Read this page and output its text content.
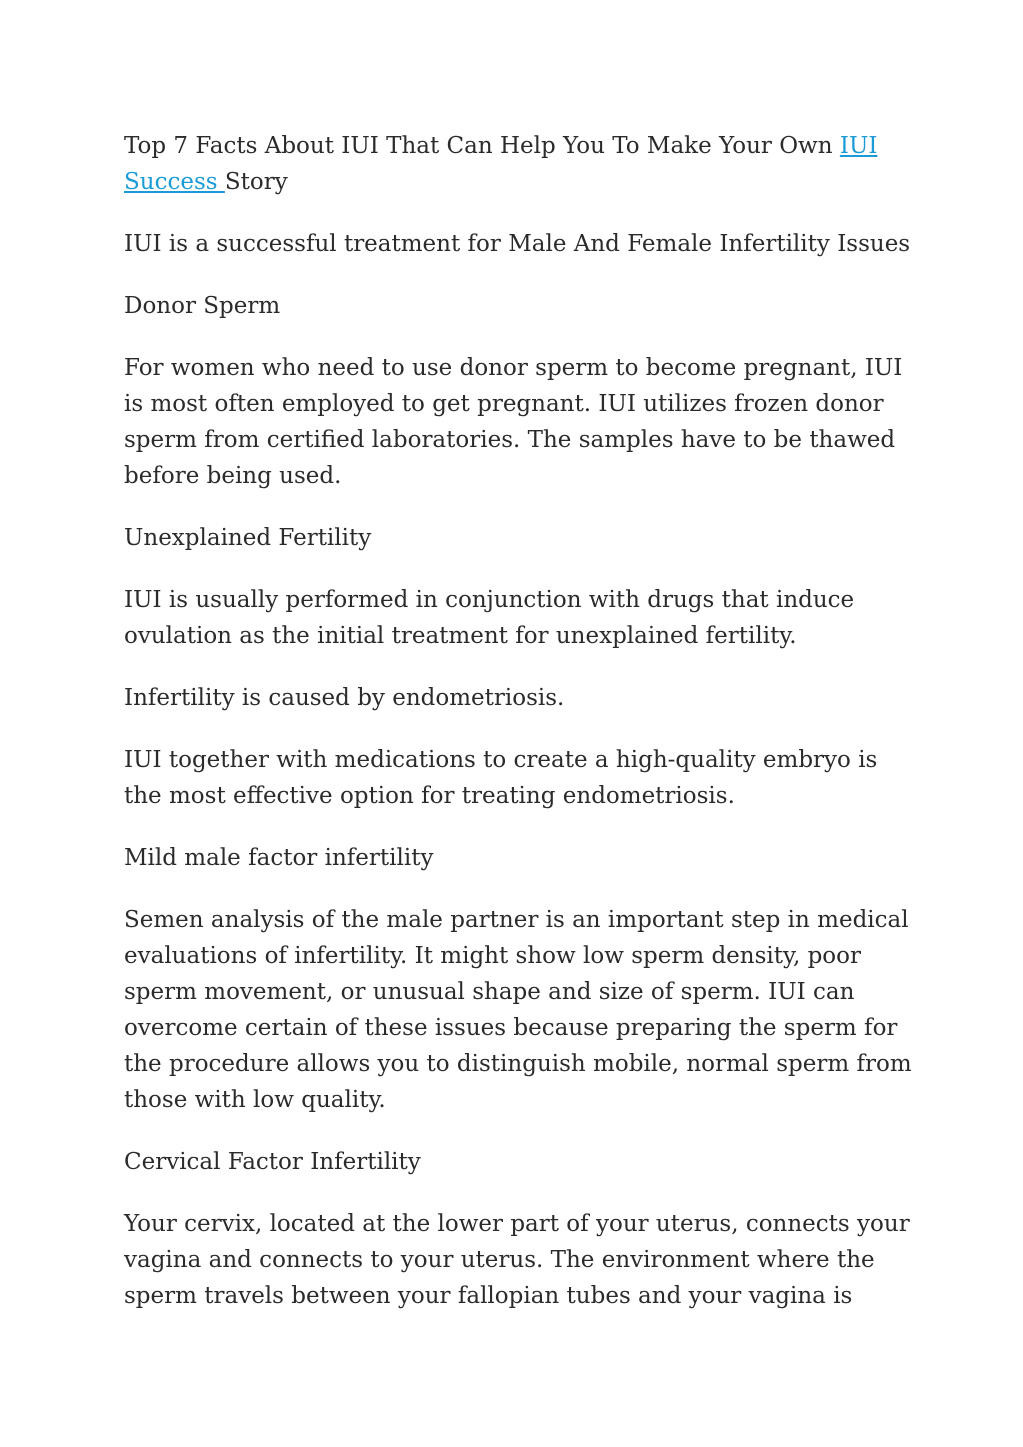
Top 7 Facts About IUI That Can Help You To Make Your Own IUI Success Story

IUI is a successful treatment for Male And Female Infertility Issues

Donor Sperm

For women who need to use donor sperm to become pregnant, IUI is most often employed to get pregnant. IUI utilizes frozen donor sperm from certified laboratories. The samples have to be thawed before being used.

Unexplained Fertility

IUI is usually performed in conjunction with drugs that induce ovulation as the initial treatment for unexplained fertility.

Infertility is caused by endometriosis.

IUI together with medications to create a high-quality embryo is the most effective option for treating endometriosis.

Mild male factor infertility

Semen analysis of the male partner is an important step in medical evaluations of infertility. It might show low sperm density, poor sperm movement, or unusual shape and size of sperm. IUI can overcome certain of these issues because preparing the sperm for the procedure allows you to distinguish mobile, normal sperm from those with low quality.

Cervical Factor Infertility

Your cervix, located at the lower part of your uterus, connects your vagina and connects to your uterus. The environment where the sperm travels between your fallopian tubes and your vagina is
